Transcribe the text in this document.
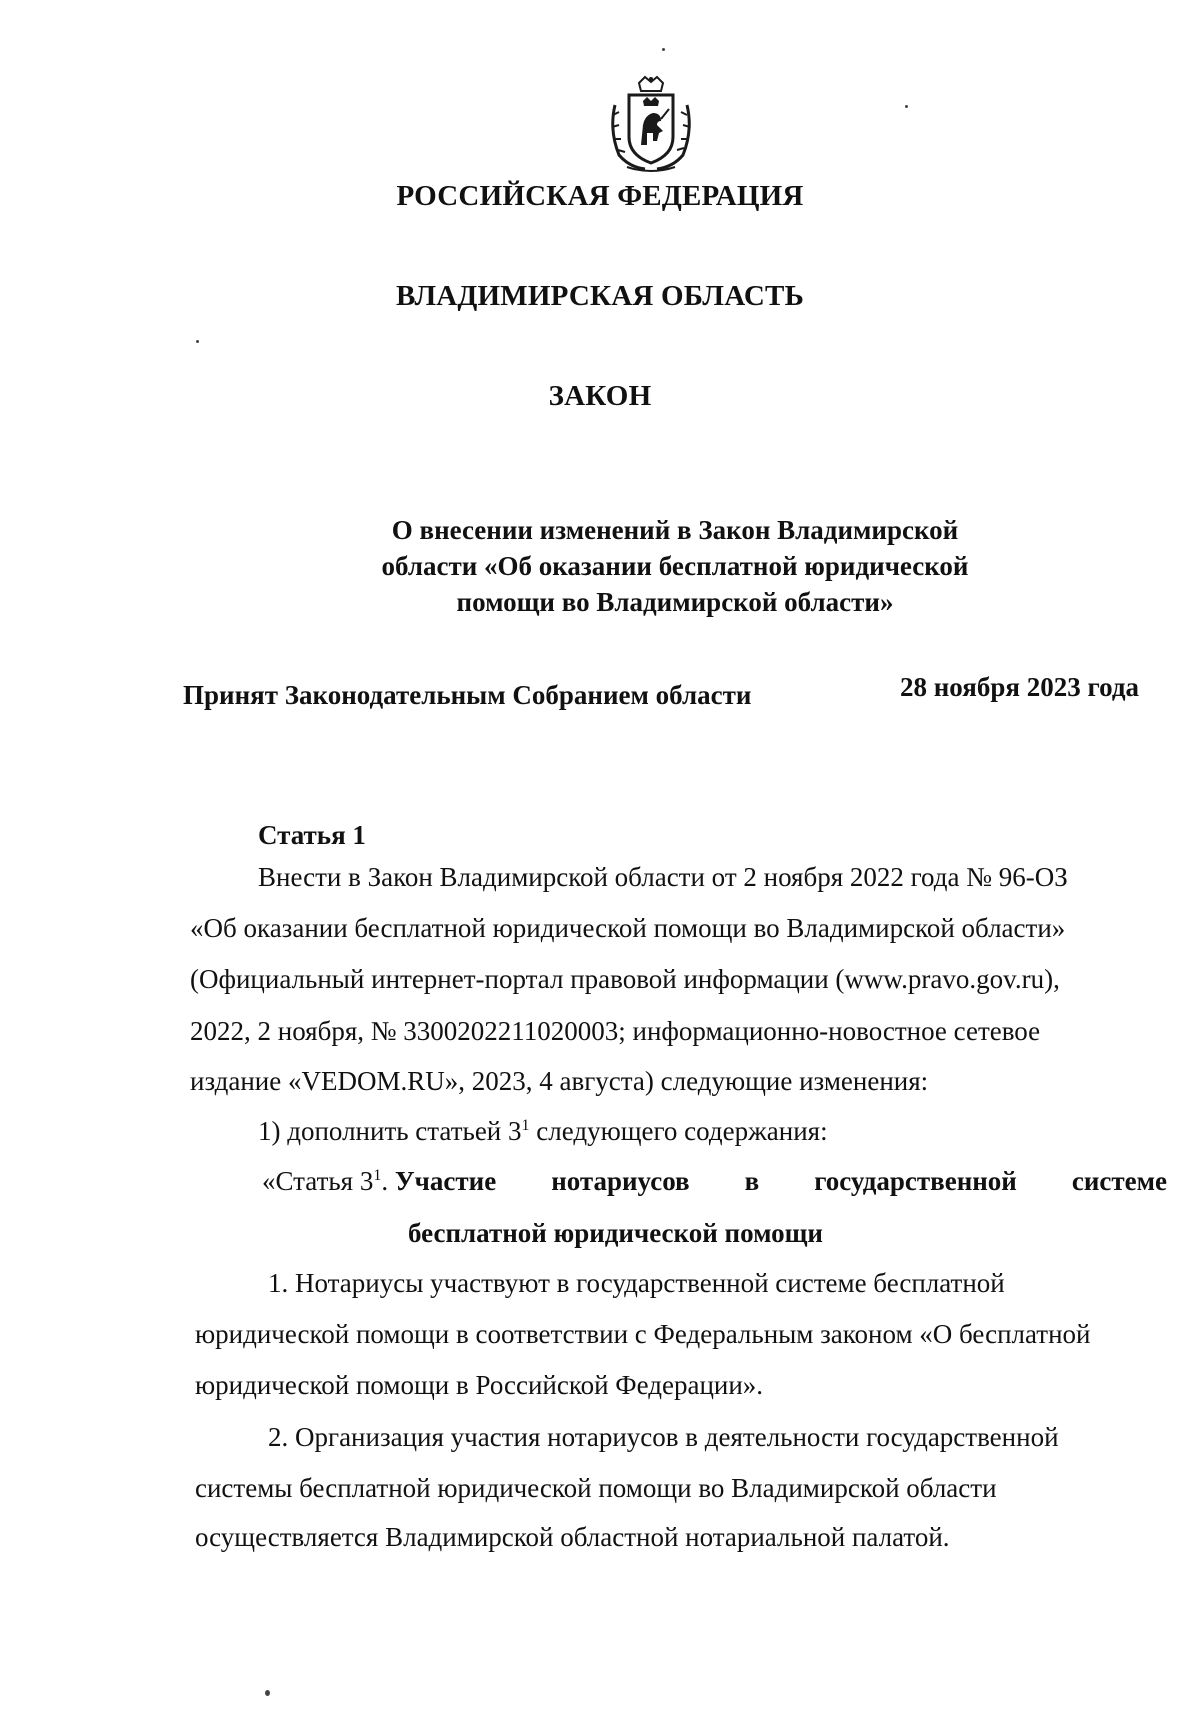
РОССИЙСКАЯ ФЕДЕРАЦИЯ
ВЛАДИМИРСКАЯ ОБЛАСТЬ
ЗАКОН
О внесении изменений в Закон Владимирской
области «Об оказании бесплатной юридической
помощи во Владимирской области»
Принят Законодательным Собранием области	28 ноября 2023 года
Статья 1
Внести в Закон Владимирской области от 2 ноября 2022 года № 96-ОЗ
«Об оказании бесплатной юридической помощи во Владимирской области»
(Официальный интернет-портал правовой информации (www.pravo.gov.ru),
2022, 2 ноября, № 3300202211020003; информационно-новостное сетевое
издание «VEDOM.RU», 2023, 4 августа) следующие изменения:
1) дополнить статьей $3^1$ следующего содержания:
«Статья $3^1$. Участие нотариусов в государственной системе
бесплатной юридической помощи
1. Нотариусы участвуют в государственной системе бесплатной
юридической помощи в соответствии с Федеральным законом «О бесплатной
юридической помощи в Российской Федерации».
2. Организация участия нотариусов в деятельности государственной
системы бесплатной юридической помощи во Владимирской области
осуществляется Владимирской областной нотариальной палатой.
